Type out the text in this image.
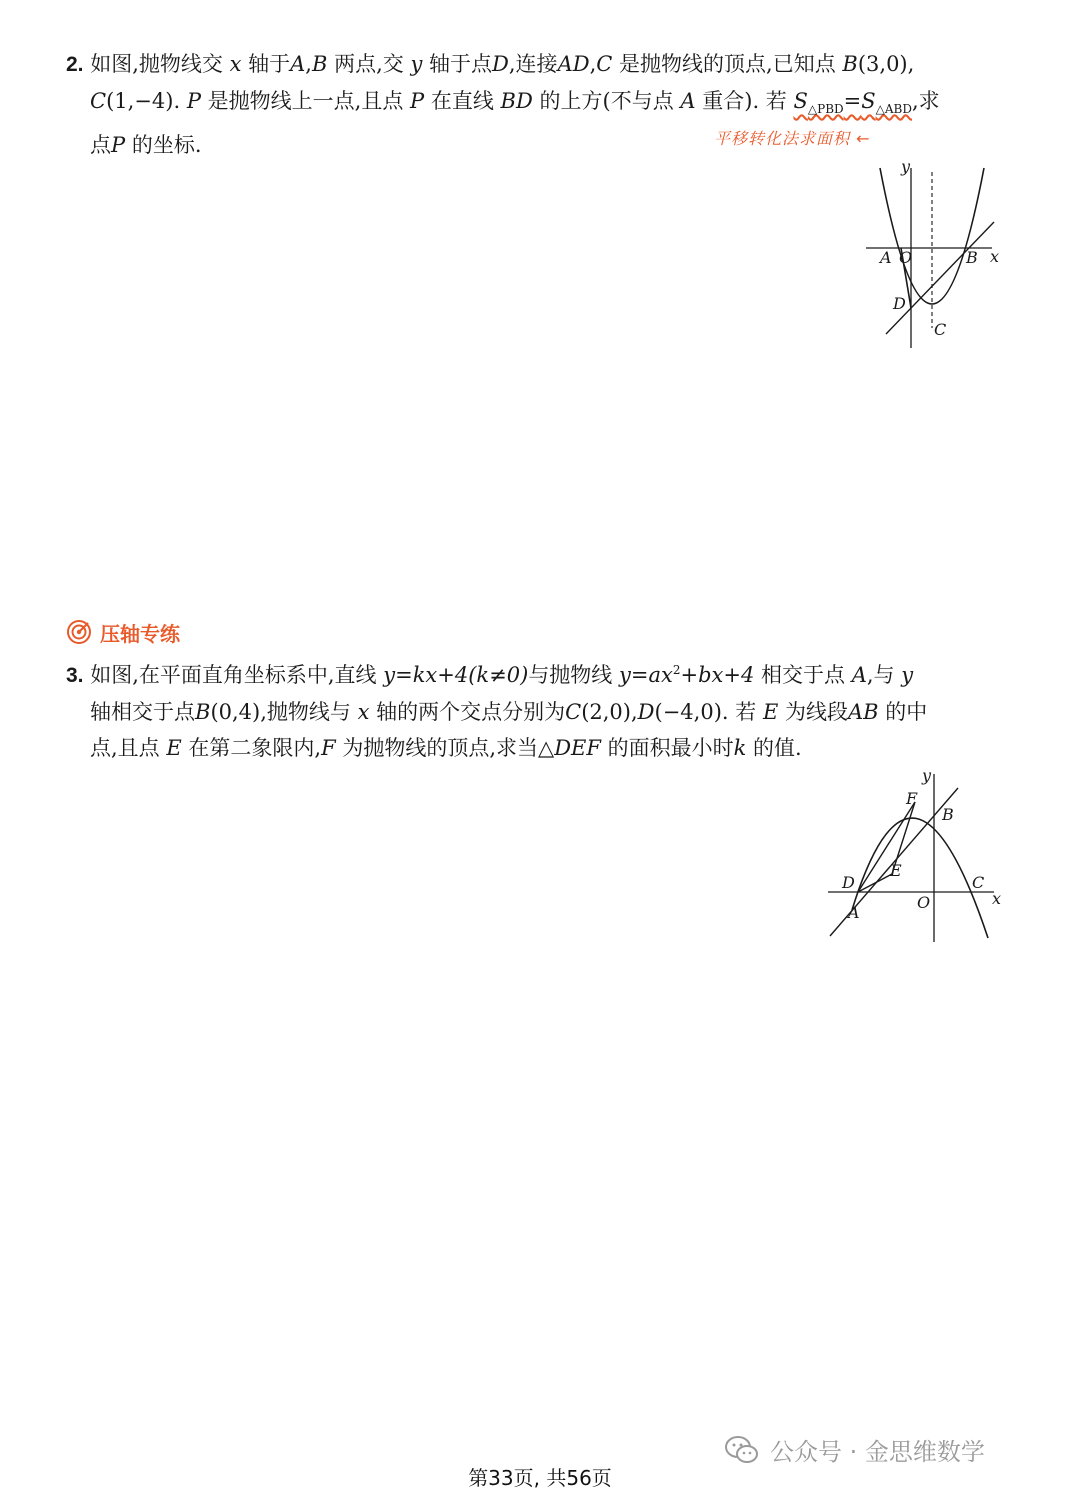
2. 如图,抛物线交 x 轴于A,B 两点,交 y 轴于点D,连接AD,C 是抛物线的顶点,已知点 B(3,0),
C(1,−4). P 是抛物线上一点,且点 P 在直线 BD 的上方(不与点 A 重合). 若 $S_{\triangle PBD}=S_{\triangle ABD}$,求
点P 的坐标.	平移转化法求面积 ←
y
x
A O	B
D
C
压轴专练
3. 如图,在平面直角坐标系中,直线 y=kx+4(k≠0)与抛物线 $y=ax^2+bx+4$ 相交于点 A,与 y
轴相交于点B(0,4),抛物线与 x 轴的两个交点分别为C(2,0),D(−4,0). 若 E 为线段AB 的中
点,且点 E 在第二象限内,F 为抛物线的顶点,求当△DEF 的面积最小时k 的值.
y
x
F
B
E
D	C
A
O
公众号 · 金思维数学
第33页, 共56页
